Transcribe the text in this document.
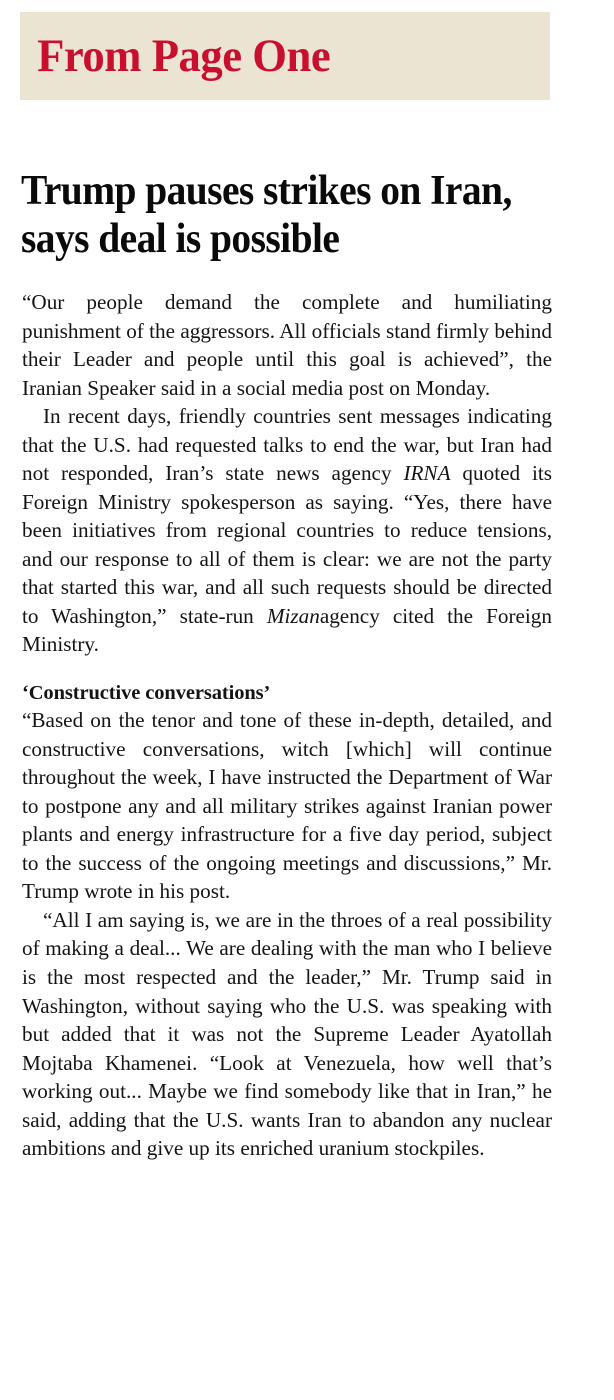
From Page One
Trump pauses strikes on Iran, says deal is possible

“Our people demand the complete and humiliating punishment of the aggressors. All officials stand firmly behind their Leader and people until this goal is achieved”, the Iranian Speaker said in a social media post on Monday.

In recent days, friendly countries sent messages indicating that the U.S. had requested talks to end the war, but Iran had not responded, Iran’s state news agency IRNA quoted its Foreign Ministry spokesperson as saying. “Yes, there have been initiatives from regional countries to reduce tensions, and our response to all of them is clear: we are not the party that started this war, and all such requests should be directed to Washington,” state-run Mizanagency cited the Foreign Ministry.

‘Constructive conversations’

“Based on the tenor and tone of these in-depth, detailed, and constructive conversations, witch [which] will continue throughout the week, I have instructed the Department of War to postpone any and all military strikes against Iranian power plants and energy infrastructure for a five day period, subject to the success of the ongoing meetings and discussions,” Mr. Trump wrote in his post.

“All I am saying is, we are in the throes of a real possibility of making a deal... We are dealing with the man who I believe is the most respected and the leader,” Mr. Trump said in Washington, without saying who the U.S. was speaking with but added that it was not the Supreme Leader Ayatollah Mojtaba Khamenei. “Look at Venezuela, how well that’s working out... Maybe we find somebody like that in Iran,” he said, adding that the U.S. wants Iran to abandon any nuclear ambitions and give up its enriched uranium stockpiles.
